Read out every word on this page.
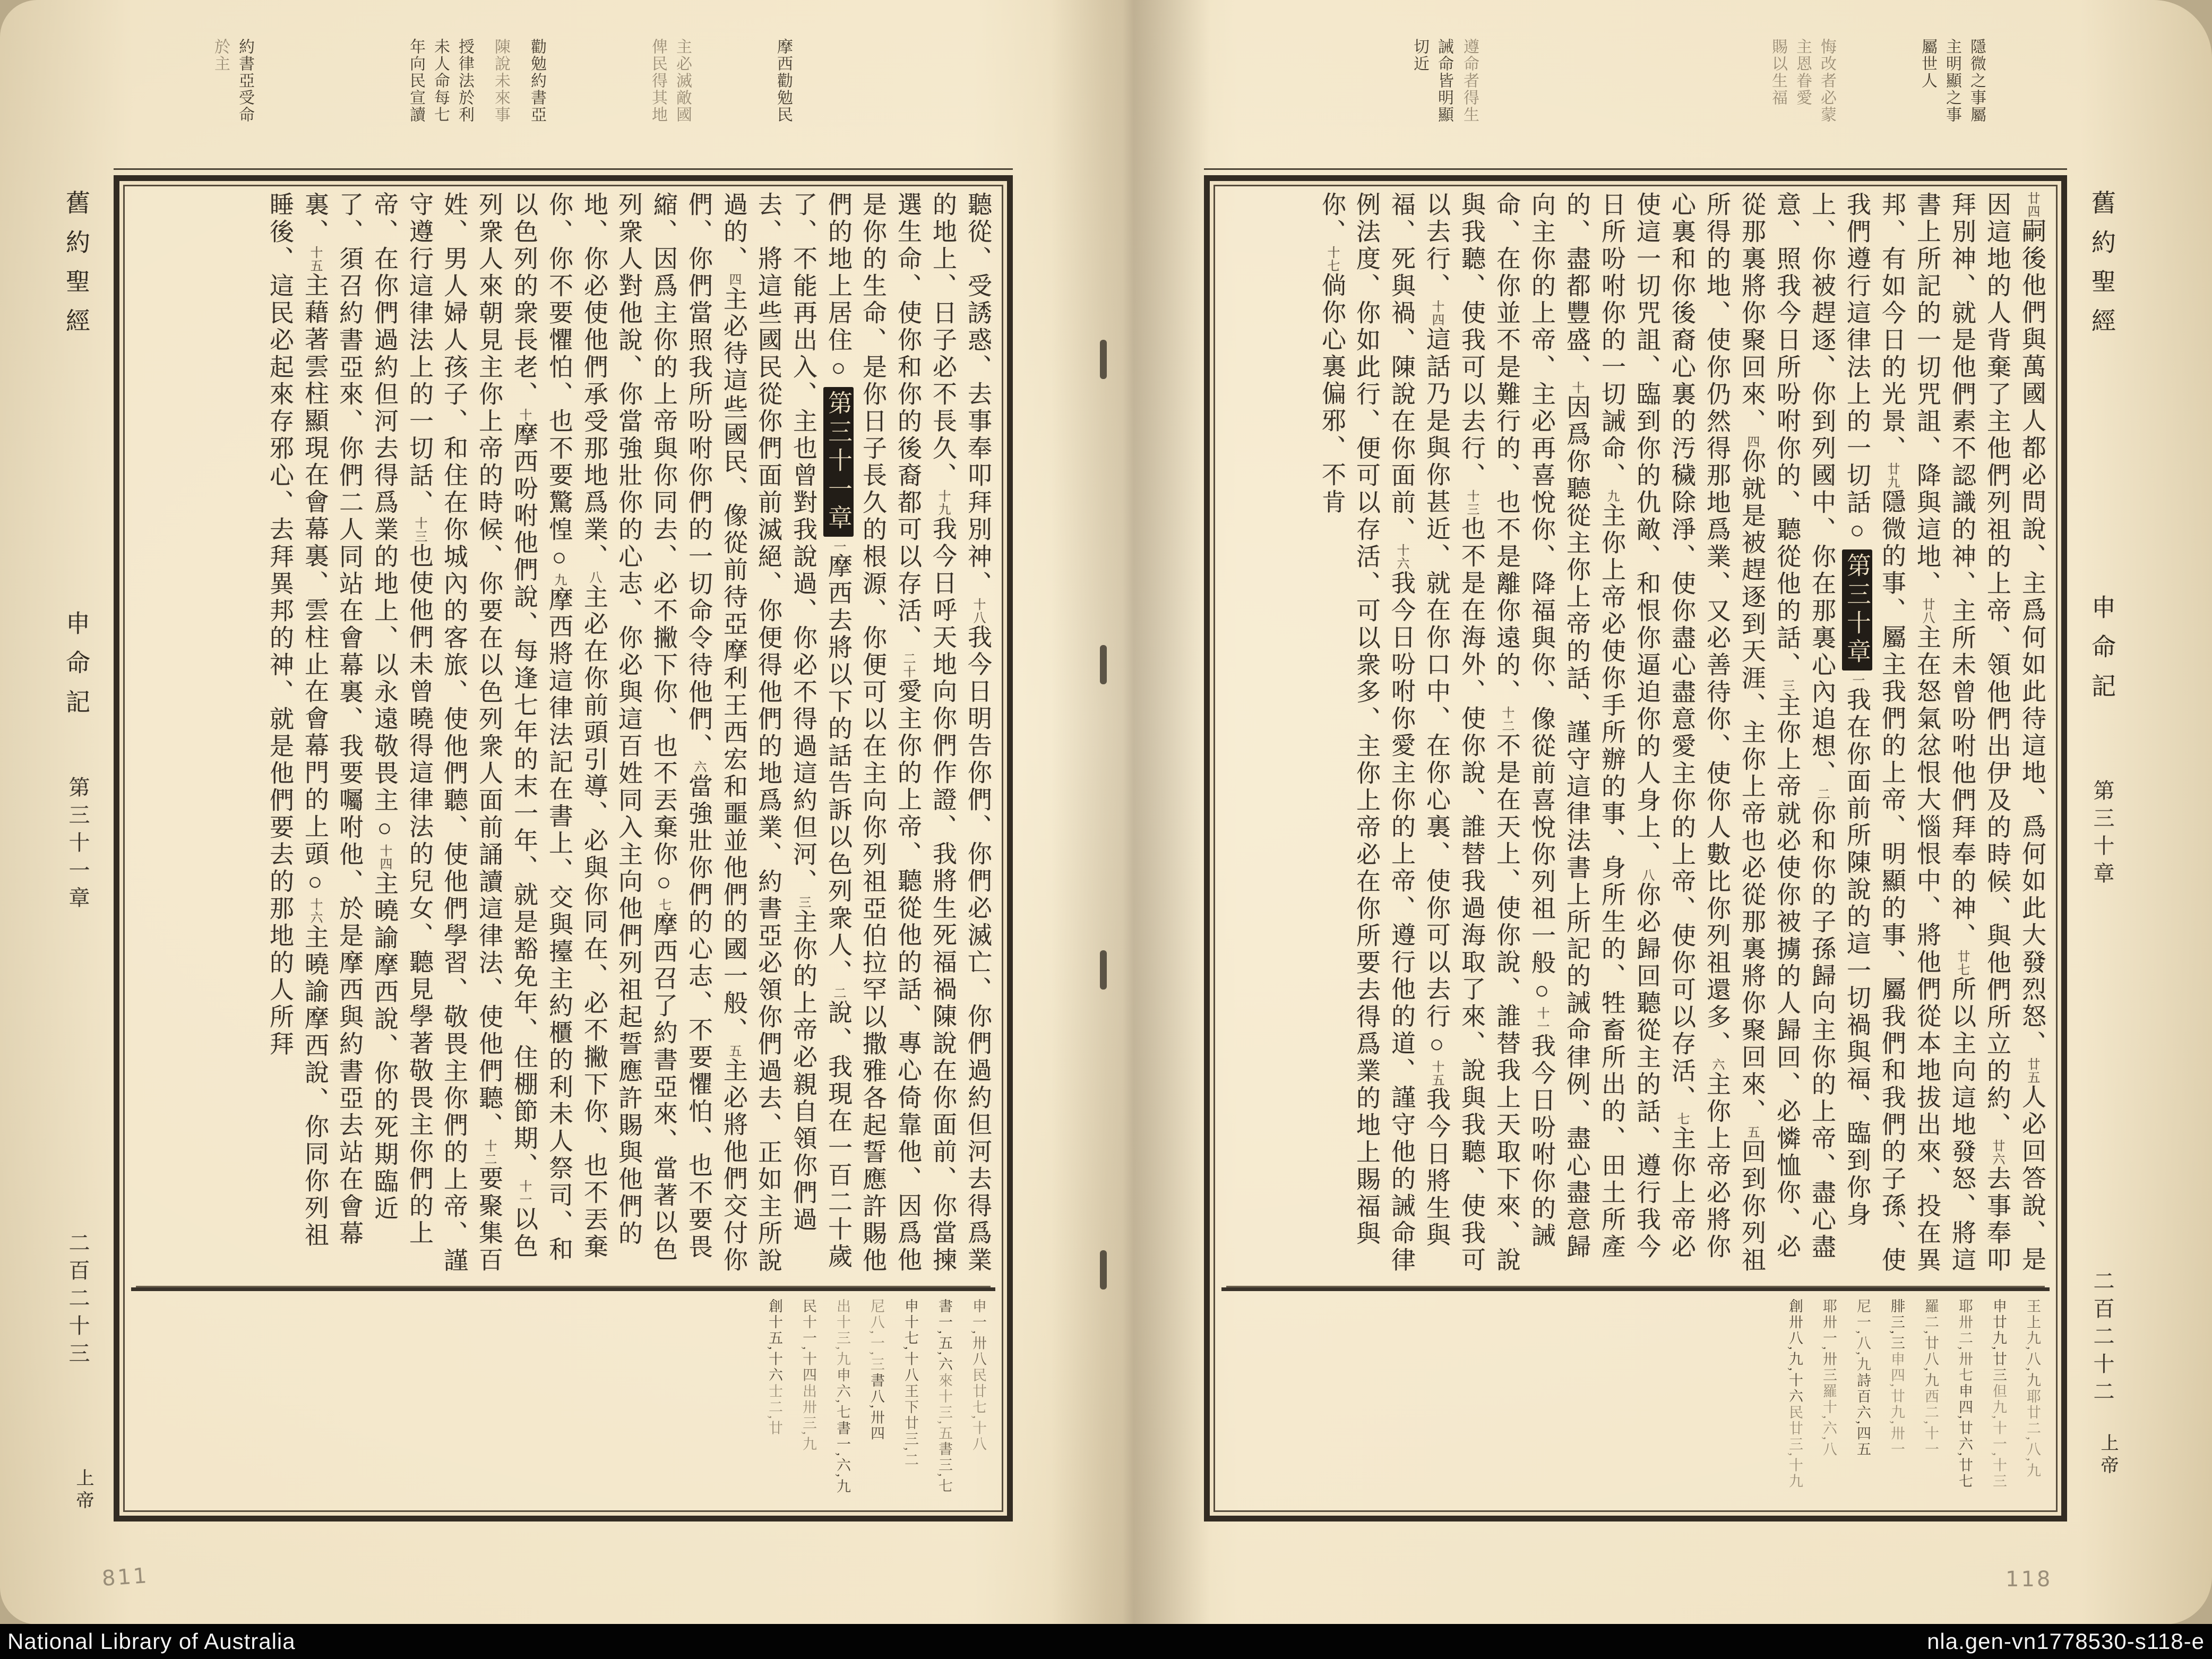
廿四嗣後他們與萬國人都必問說、主爲何如此待這地、爲何如此大發烈怒、廿五人必回答說、是因這地的人背棄了主他們列祖的上帝、領他們出伊及的時候、與他們所立的約、廿六去事奉叩拜別神、就是他們素不認識的神、主所未曾吩咐他們拜奉的神、廿七所以主向這地發怒、將這書上所記的一切咒詛、降與這地、廿八主在怒氣忿恨大惱恨中、將他們從本地拔出來、投在異邦、有如今日的光景、廿九隱微的事、屬主我們的上帝、明顯的事、屬我們和我們的子孫、使我們遵行這律法上的一切話○第三十章一我在你面前所陳說的這一切禍與福、臨到你身上、你被趕逐、你到列國中、你在那裏心內追想、二你和你的子孫歸向主你的上帝、盡心盡意、照我今日所吩咐你的、聽從他的話、三主你上帝就必使你被擄的人歸回、必憐恤你、必從那裏將你聚回來、四你就是被趕逐到天涯、主你上帝也必從那裏將你聚回來、五回到你列祖所得的地、使你仍然得那地爲業、又必善待你、使你人數比你列祖還多、六主你上帝必將你心裏和你後裔心裏的汚穢除淨、使你盡心盡意愛主你的上帝、使你可以存活、七主你上帝必使這一切咒詛、臨到你的仇敵、和恨你逼迫你的人身上、八你必歸回聽從主的話、遵行我今日所吩咐你的一切誡命、九主你上帝必使你手所辦的事、身所生的、牲畜所出的、田土所產的、盡都豐盛、十因爲你聽從主你上帝的話、謹守這律法書上所記的誡命律例、盡心盡意歸向主你的上帝、主必再喜悅你、降福與你、像從前喜悅你列祖一般○十一我今日吩咐你的誡命、在你並不是難行的、也不是離你遠的、十二不是在天上、使你說、誰替我上天取下來、說與我聽、使我可以去行、十三也不是在海外、使你說、誰替我過海取了來、說與我聽、使我可以去行、十四這話乃是與你甚近、就在你口中、在你心裏、使你可以去行○十五我今日將生與福、死與禍、陳說在你面前、十六我今日吩咐你愛主你的上帝、遵行他的道、謹守他的誡命律例法度、你如此行、便可以存活、可以衆多、主你上帝必在你所要去得爲業的地上賜福與你、十七倘你心裏偏邪、不肯
王上九,八,九耶廿二,八,九申廿九,廿三但九,十一,十三耶卅二,卅七申四,廿六,廿七羅二,廿八,九西二,十一腓三,三申四,廿九,卅一尼一,八,九詩百六,四五耶卅一,卅三羅十,六,八創卅八,九,十六民廿三,十九
舊約聖經
申命記
第三十章
二百二十二
上帝
聽從、受誘惑、去事奉叩拜別神、十八我今日明告你們、你們必滅亡、你們過約但河去得爲業的地上、日子必不長久、十九我今日呼天地向你們作證、我將生死福禍陳說在你面前、你當揀選生命、使你和你的後裔都可以存活、二十愛主你的上帝、聽從他的話、專心倚靠他、因爲他是你的生命、是你日子長久的根源、你便可以在主向你列祖亞伯拉罕以撒雅各起誓應許賜他們的地上居住○第三十一章一摩西去將以下的話告訴以色列衆人、二說、我現在一百二十歲了、不能再出入、主也曾對我說過、你必不得過這約但河、三主你的上帝必親自領你們過去、將這些國民從你們面前滅絕、你便得他們的地爲業、約書亞必領你們過去、正如主所說過的、四主必待這些國民、像從前待亞摩利王西宏和噩並他們的國一般、五主必將他們交付你們、你們當照我所吩咐你們的一切命令待他們、六當強壯你們的心志、不要懼怕、也不要畏縮、因爲主你的上帝與你同去、必不撇下你、也不丟棄你○七摩西召了約書亞來、當著以色列衆人對他說、你當強壯你的心志、你必與這百姓同入主向他們列祖起誓應許賜與他們的地、你必使他們承受那地爲業、八主必在你前頭引導、必與你同在、必不撇下你、也不丟棄你、你不要懼怕、也不要驚惶○九摩西將這律法記在書上、交與擡主約櫃的利未人祭司、和以色列的衆長老、十摩西吩咐他們說、每逢七年的末一年、就是豁免年、住棚節期、十一以色列衆人來朝見主你上帝的時候、你要在以色列衆人面前誦讀這律法、使他們聽、十二要聚集百姓、男人婦人孩子、和住在你城內的客旅、使他們聽、使他們學習、敬畏主你們的上帝、謹守遵行這律法上的一切話、十三也使他們未曾曉得這律法的兒女、聽見學著敬畏主你們的上帝、在你們過約但河去得爲業的地上、以永遠敬畏主○十四主曉諭摩西說、你的死期臨近了、須召約書亞來、你們二人同站在會幕裏、我要囑咐他、於是摩西與約書亞去站在會幕裏、十五主藉著雲柱顯現在會幕裏、雲柱止在會幕門的上頭○十六主曉諭摩西說、你同你列祖睡後、這民必起來存邪心、去拜異邦的神、就是他們要去的那地的人所拜
申一,卅八民廿七,十八書一,五,六來十三,五書三,七申十七,十八王下廿三,二尼八,一,三書八,卅四出十三,九申六,七書一,六,九民十一,十四出卅三,九創十五,十六士二,廿
舊約聖經
申命記
第三十一章
二百二十三
上帝
811	118
National Library of Australia	nla.gen-vn1778530-s118-e
隱微之事屬
主明顯之事
屬世人
悔改者必蒙
主恩眷愛
賜以生福
遵命者得生
誡命皆明顯
切近
摩西勸勉民
主必滅敵國
俾民得其地
勸勉約書亞
陳說未來事
授律法於利
未人命每七
年向民宣讀
約書亞受命
於主
